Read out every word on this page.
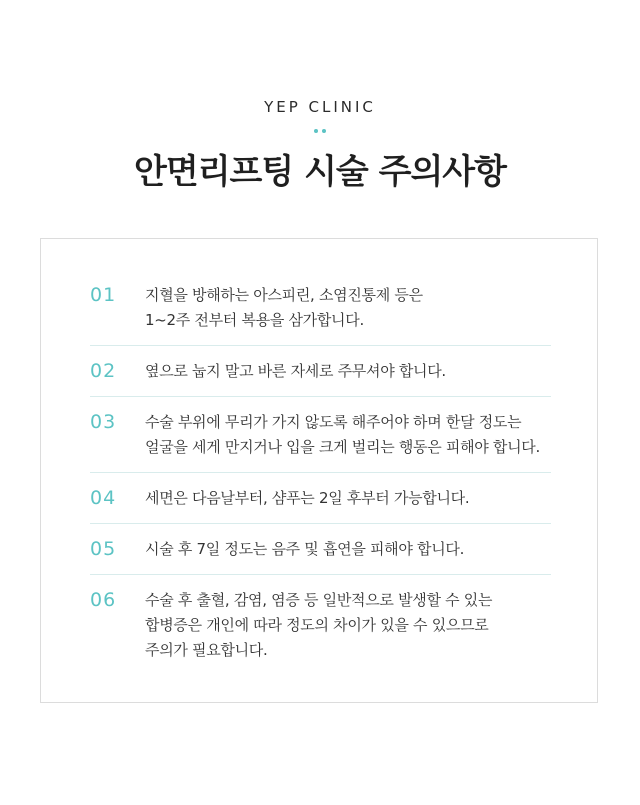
YEP CLINIC
안면리프팅 시술 주의사항
01	지혈을 방해하는 아스피린, 소염진통제 등은
1~2주 전부터 복용을 삼가합니다.
02	옆으로 눕지 말고 바른 자세로 주무셔야 합니다.
03	수술 부위에 무리가 가지 않도록 해주어야 하며 한달 정도는
얼굴을 세게 만지거나 입을 크게 벌리는 행동은 피해야 합니다.
04	세면은 다음날부터, 샴푸는 2일 후부터 가능합니다.
05	시술 후 7일 정도는 음주 및 흡연을 피해야 합니다.
06	수술 후 출혈, 감염, 염증 등 일반적으로 발생할 수 있는
합병증은 개인에 따라 정도의 차이가 있을 수 있으므로
주의가 필요합니다.
